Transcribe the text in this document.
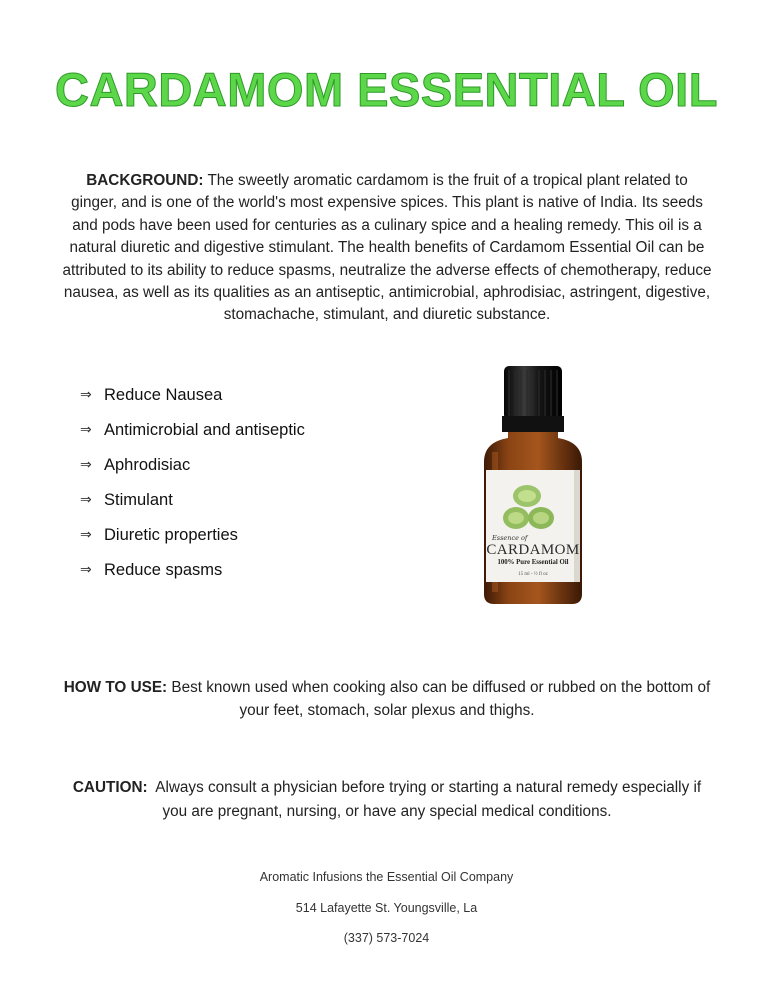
CARDAMOM ESSENTIAL OIL
BACKGROUND: The sweetly aromatic cardamom is the fruit of a tropical plant related to ginger, and is one of the world's most expensive spices. This plant is native of India. Its seeds and pods have been used for centuries as a culinary spice and a healing remedy. This oil is a natural diuretic and digestive stimulant. The health benefits of Cardamom Essential Oil can be attributed to its ability to reduce spasms, neutralize the adverse effects of chemotherapy, reduce nausea, as well as its qualities as an antiseptic, antimicrobial, aphrodisiac, astringent, digestive, stomachache, stimulant, and diuretic substance.
⇒ Reduce Nausea
⇒ Antimicrobial and antiseptic
⇒ Aphrodisiac
⇒ Stimulant
⇒ Diuretic properties
⇒ Reduce spasms
Essence of
CARDAMOM
100% Pure Essential Oil
15 ml - ½ fl oz
HOW TO USE: Best known used when cooking also can be diffused or rubbed on the bottom of your feet, stomach, solar plexus and thighs.
CAUTION:  Always consult a physician before trying or starting a natural remedy especially if you are pregnant, nursing, or have any special medical conditions.
Aromatic Infusions the Essential Oil Company
514 Lafayette St. Youngsville, La
(337) 573-7024
